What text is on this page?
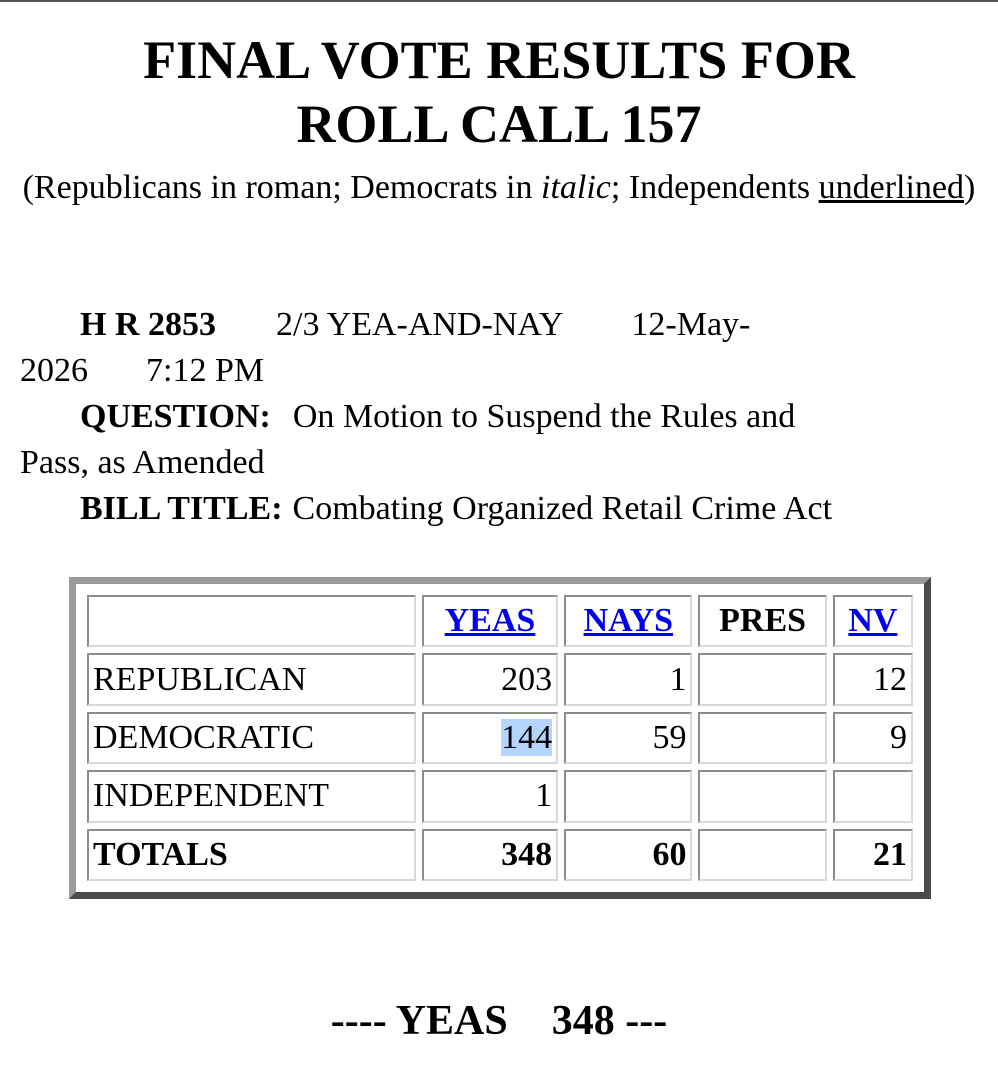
FINAL VOTE RESULTS FOR
ROLL CALL 157
(Republicans in roman; Democrats in italic; Independents underlined)
H R 2853 2/3 YEA-AND-NAY 12-May-
2026 7:12 PM
QUESTION: On Motion to Suspend the Rules and
Pass, as Amended
BILL TITLE: Combating Organized Retail Crime Act
	YEAS	NAYS	PRES	NV
REPUBLICAN	203	1		12
DEMOCRATIC	144	59		9
INDEPENDENT	1			
TOTALS	348	60		21
---- YEAS 348 ---
